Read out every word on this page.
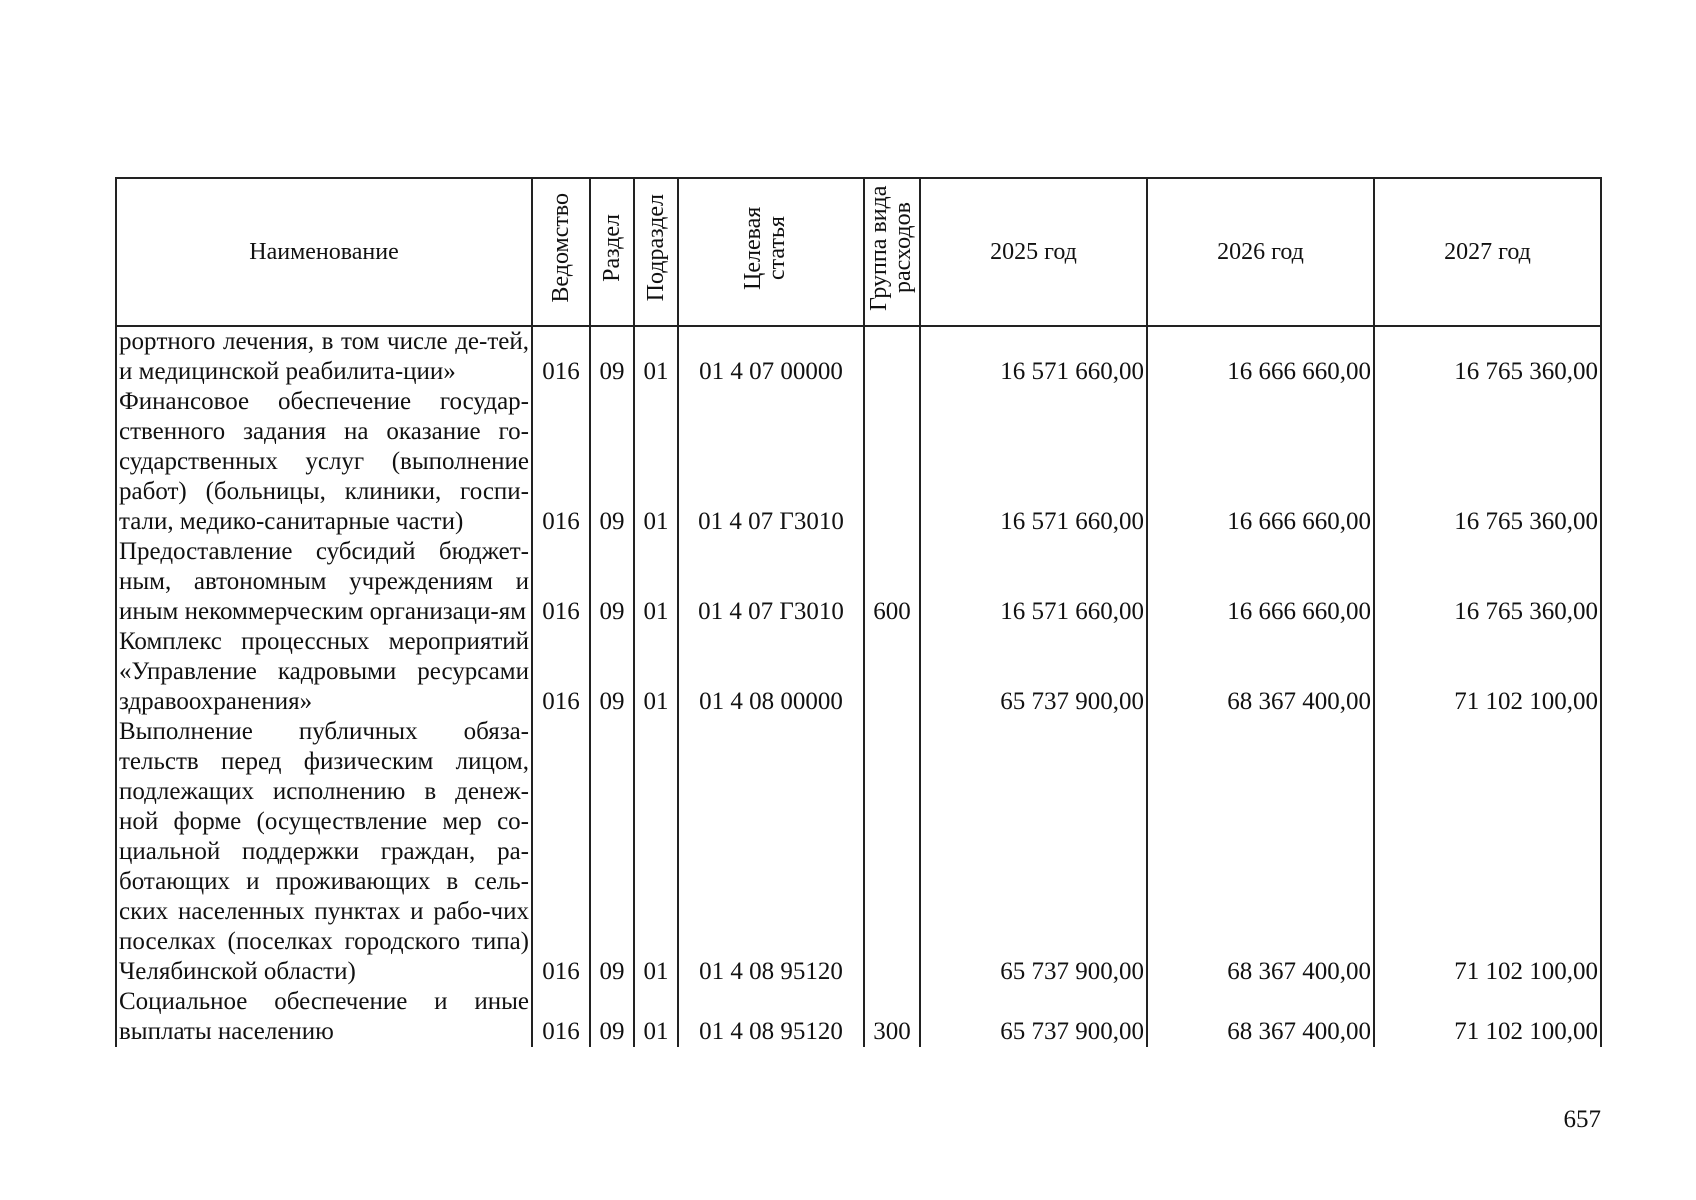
Наименование	Ведомство	Раздел	Подраздел	Целевая статья	Группа вида расходов	2025 год	2026 год	2027 год
роpтного лечения, в том числе де-тей, и медицинской реабилита-ции»	016	09	01	01 4 07 00000		16 571 660,00	16 666 660,00	16 765 360,00
Финансовое обеспечение государ-ственного задания на оказание го-сударственных услуг (выполнение работ) (больницы, клиники, госпи-тали, медико-санитарные части)	016	09	01	01 4 07 Г3010		16 571 660,00	16 666 660,00	16 765 360,00
Предоставление субсидий бюджет-ным, автономным учреждениям и иным некоммерческим организаци-ям	016	09	01	01 4 07 Г3010	600	16 571 660,00	16 666 660,00	16 765 360,00
Комплекс процессных мероприятий «Управление кадровыми ресурсами здравоохранения»	016	09	01	01 4 08 00000		65 737 900,00	68 367 400,00	71 102 100,00
Выполнение публичных обяза-тельств перед физическим лицом, подлежащих исполнению в денеж-ной форме (осуществление мер со-циальной поддержки граждан, ра-ботающих и проживающих в сель-ских населенных пунктах и рабо-чих поселках (поселках городского типа) Челябинской области)	016	09	01	01 4 08 95120		65 737 900,00	68 367 400,00	71 102 100,00
Социальное обеспечение и иные выплаты населению	016	09	01	01 4 08 95120	300	65 737 900,00	68 367 400,00	71 102 100,00
657
